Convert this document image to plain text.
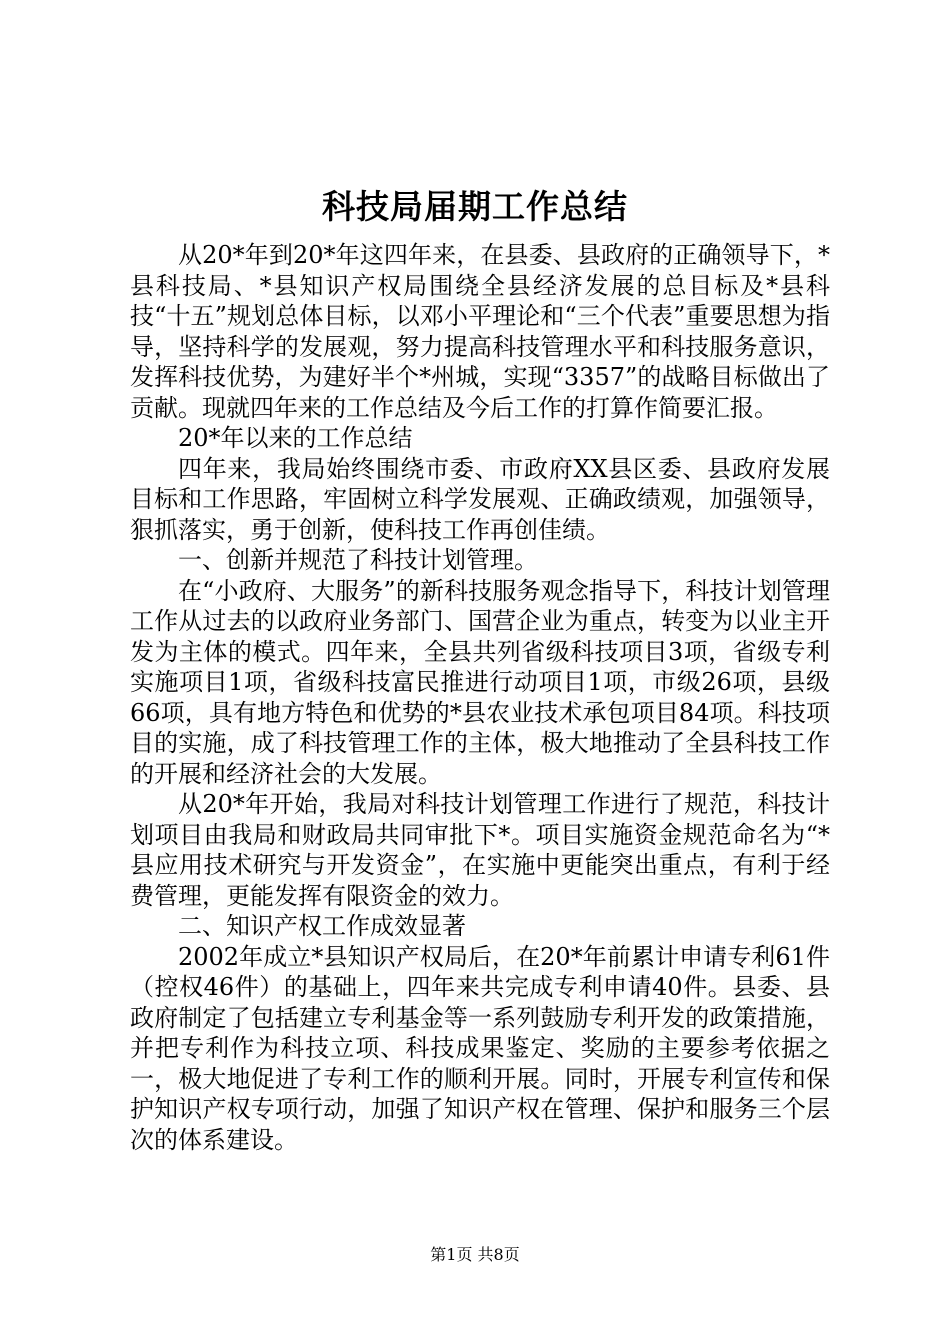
科技局届期工作总结

从20*年到20*年这四年来，在县委、县政府的正确领导下，*县科技局、*县知识产权局围绕全县经济发展的总目标及*县科技“十五”规划总体目标，以邓小平理论和“三个代表”重要思想为指导，坚持科学的发展观，努力提高科技管理水平和科技服务意识，发挥科技优势，为建好半个*州城，实现“3357”的战略目标做出了贡献。现就四年来的工作总结及今后工作的打算作简要汇报。

20*年以来的工作总结

四年来，我局始终围绕市委、市政府XX县区委、县政府发展目标和工作思路，牢固树立科学发展观、正确政绩观，加强领导，狠抓落实，勇于创新，使科技工作再创佳绩。

一、创新并规范了科技计划管理。

在“小政府、大服务”的新科技服务观念指导下，科技计划管理工作从过去的以政府业务部门、国营企业为重点，转变为以业主开发为主体的模式。四年来，全县共列省级科技项目3项，省级专利实施项目1项，省级科技富民推进行动项目1项，市级26项，县级66项，具有地方特色和优势的*县农业技术承包项目84项。科技项目的实施，成了科技管理工作的主体，极大地推动了全县科技工作的开展和经济社会的大发展。

从20*年开始，我局对科技计划管理工作进行了规范，科技计划项目由我局和财政局共同审批下*。项目实施资金规范命名为“*县应用技术研究与开发资金”，在实施中更能突出重点，有利于经费管理，更能发挥有限资金的效力。

二、知识产权工作成效显著

2002年成立*县知识产权局后，在20*年前累计申请专利61件（控权46件）的基础上，四年来共完成专利申请40件。县委、县政府制定了包括建立专利基金等一系列鼓励专利开发的政策措施，并把专利作为科技立项、科技成果鉴定、奖励的主要参考依据之一，极大地促进了专利工作的顺利开展。同时，开展专利宣传和保护知识产权专项行动，加强了知识产权在管理、保护和服务三个层次的体系建设。

第1页 共8页
